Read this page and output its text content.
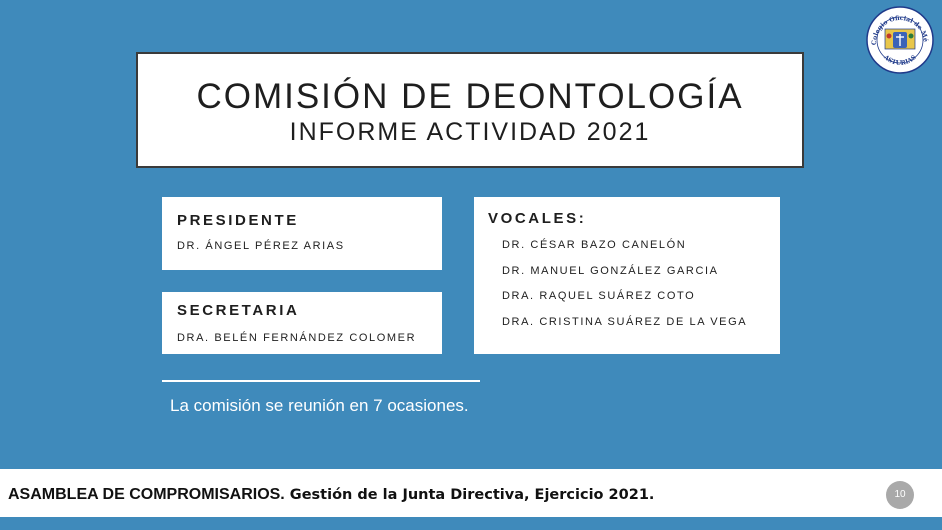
Colegio Oficial de Mé
ASTURIAS
COMISIÓN DE DEONTOLOGÍA
INFORME ACTIVIDAD 2021
PRESIDENTE
DR. ÁNGEL PÉREZ ARIAS
SECRETARIA
DRA. BELÉN FERNÁNDEZ COLOMER
VOCALES:
DR. CÉSAR BAZO CANELÓN
DR. MANUEL GONZÁLEZ GARCIA
DRA. RAQUEL SUÁREZ COTO
DRA. CRISTINA SUÁREZ DE LA VEGA
La comisión se reunión en 7 ocasiones.
ASAMBLEA DE COMPROMISARIOS. Gestión de la Junta Directiva, Ejercicio 2021.	10
